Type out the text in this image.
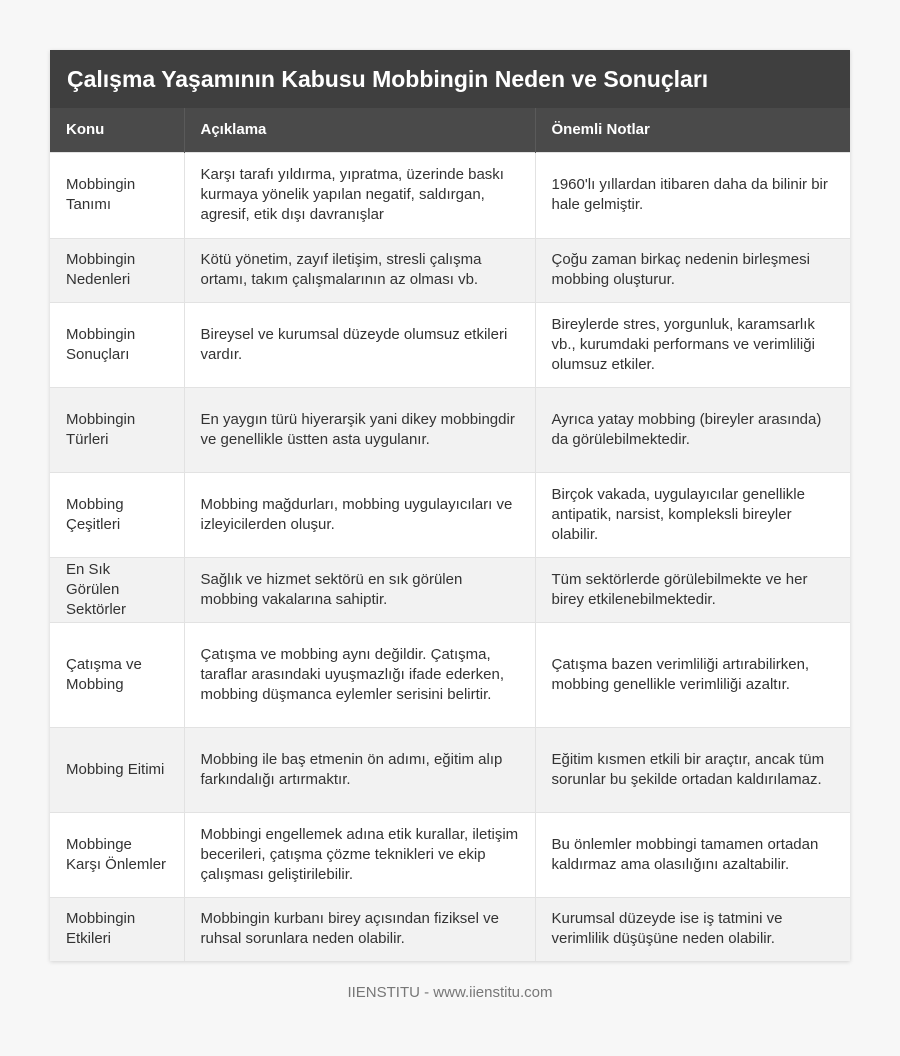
Çalışma Yaşamının Kabusu Mobbingin Neden ve Sonuçları
Konu	Açıklama	Önemli Notlar
Mobbingin Tanımı	Karşı tarafı yıldırma, yıpratma, üzerinde baskı kurmaya yönelik yapılan negatif, saldırgan, agresif, etik dışı davranışlar	1960'lı yıllardan itibaren daha da bilinir bir hale gelmiştir.
Mobbingin Nedenleri	Kötü yönetim, zayıf iletişim, stresli çalışma ortamı, takım çalışmalarının az olması vb.	Çoğu zaman birkaç nedenin birleşmesi mobbing oluşturur.
Mobbingin Sonuçları	Bireysel ve kurumsal düzeyde olumsuz etkileri vardır.	Bireylerde stres, yorgunluk, karamsarlık vb., kurumdaki performans ve verimliliği olumsuz etkiler.
Mobbingin Türleri	En yaygın türü hiyerarşik yani dikey mobbingdir ve genellikle üstten asta uygulanır.	Ayrıca yatay mobbing (bireyler arasında) da görülebilmektedir.
Mobbing Çeşitleri	Mobbing mağdurları, mobbing uygulayıcıları ve izleyicilerden oluşur.	Birçok vakada, uygulayıcılar genellikle antipatik, narsist, kompleksli bireyler olabilir.
En Sık Görülen Sektörler	Sağlık ve hizmet sektörü en sık görülen mobbing vakalarına sahiptir.	Tüm sektörlerde görülebilmekte ve her birey etkilenebilmektedir.
Çatışma ve Mobbing	Çatışma ve mobbing aynı değildir. Çatışma, taraflar arasındaki uyuşmazlığı ifade ederken, mobbing düşmanca eylemler serisini belirtir.	Çatışma bazen verimliliği artırabilirken, mobbing genellikle verimliliği azaltır.
Mobbing Eitimi	Mobbing ile baş etmenin ön adımı, eğitim alıp farkındalığı artırmaktır.	Eğitim kısmen etkili bir araçtır, ancak tüm sorunlar bu şekilde ortadan kaldırılamaz.
Mobbinge Karşı Önlemler	Mobbingi engellemek adına etik kurallar, iletişim becerileri, çatışma çözme teknikleri ve ekip çalışması geliştirilebilir.	Bu önlemler mobbingi tamamen ortadan kaldırmaz ama olasılığını azaltabilir.
Mobbingin Etkileri	Mobbingin kurbanı birey açısından fiziksel ve ruhsal sorunlara neden olabilir.	Kurumsal düzeyde ise iş tatmini ve verimlilik düşüşüne neden olabilir.
IIENSTITU - www.iienstitu.com
